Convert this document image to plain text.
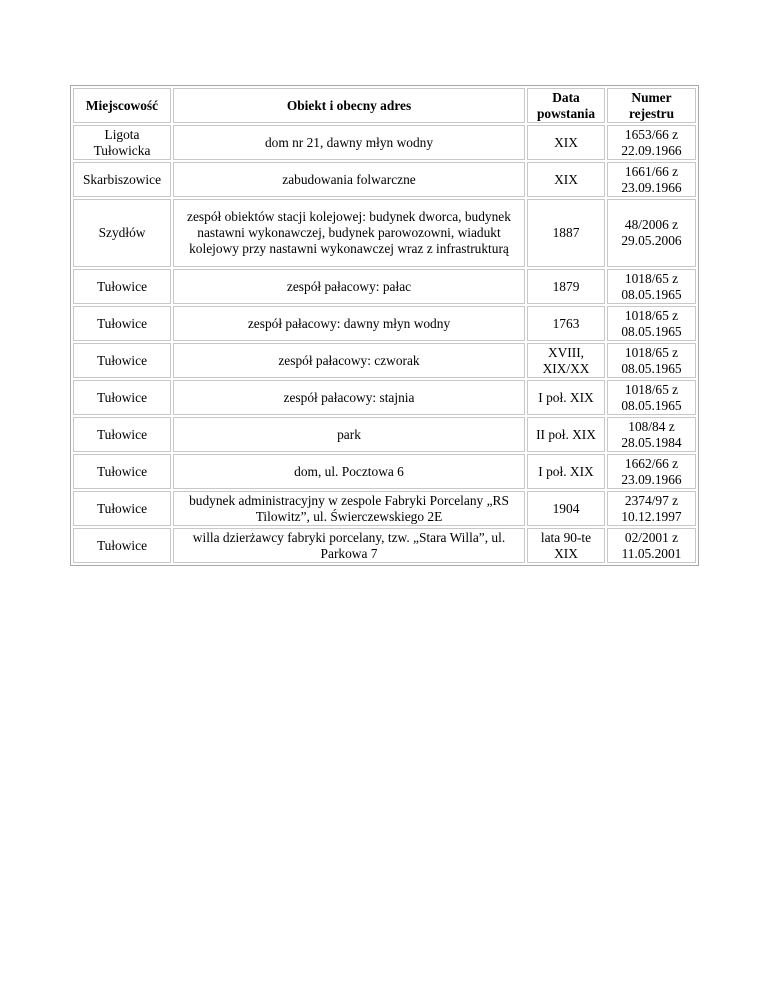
Miejscowość	Obiekt i obecny adres	Data powstania	Numer rejestru
Ligota Tułowicka	dom nr 21, dawny młyn wodny	XIX	1653/66 z 22.09.1966
Skarbiszowice	zabudowania folwarczne	XIX	1661/66 z 23.09.1966
Szydłów	zespół obiektów stacji kolejowej: budynek dworca, budynek nastawni wykonawczej, budynek parowozowni, wiadukt kolejowy przy nastawni wykonawczej wraz z infrastrukturą	1887	48/2006 z 29.05.2006
Tułowice	zespół pałacowy: pałac	1879	1018/65 z 08.05.1965
Tułowice	zespół pałacowy: dawny młyn wodny	1763	1018/65 z 08.05.1965
Tułowice	zespół pałacowy: czworak	XVIII, XIX/XX	1018/65 z 08.05.1965
Tułowice	zespół pałacowy: stajnia	I poł. XIX	1018/65 z 08.05.1965
Tułowice	park	II poł. XIX	108/84 z 28.05.1984
Tułowice	dom, ul. Pocztowa 6	I poł. XIX	1662/66 z 23.09.1966
Tułowice	budynek administracyjny w zespole Fabryki Porcelany „RS Tilowitz”, ul. Świerczewskiego 2E	1904	2374/97 z 10.12.1997
Tułowice	willa dzierżawcy fabryki porcelany, tzw. „Stara Willa”, ul. Parkowa 7	lata 90-te XIX	02/2001 z 11.05.2001
